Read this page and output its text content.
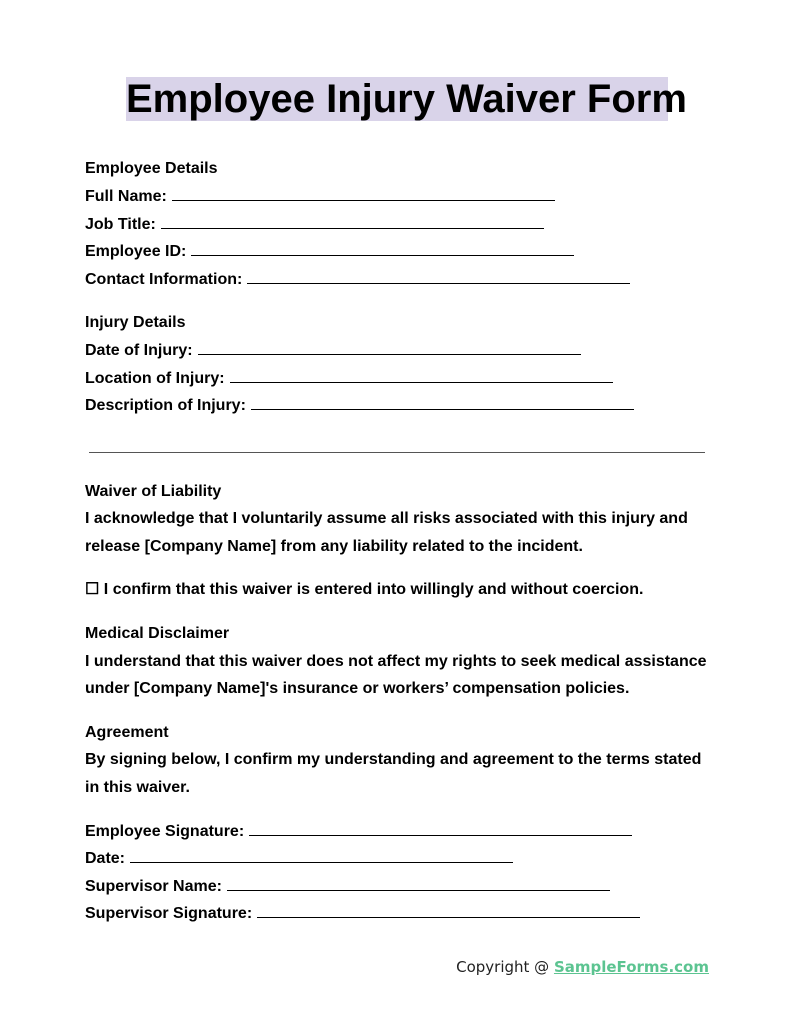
Employee Injury Waiver Form
Employee Details
Full Name:
Job Title:
Employee ID:
Contact Information:
Injury Details
Date of Injury:
Location of Injury:
Description of Injury:
Waiver of Liability
I acknowledge that I voluntarily assume all risks associated with this injury and
release [Company Name] from any liability related to the incident.
☐ I confirm that this waiver is entered into willingly and without coercion.
Medical Disclaimer
I understand that this waiver does not affect my rights to seek medical assistance
under [Company Name]'s insurance or workers’ compensation policies.
Agreement
By signing below, I confirm my understanding and agreement to the terms stated
in this waiver.
Employee Signature:
Date:
Supervisor Name:
Supervisor Signature:
Copyright @ SampleForms.com
